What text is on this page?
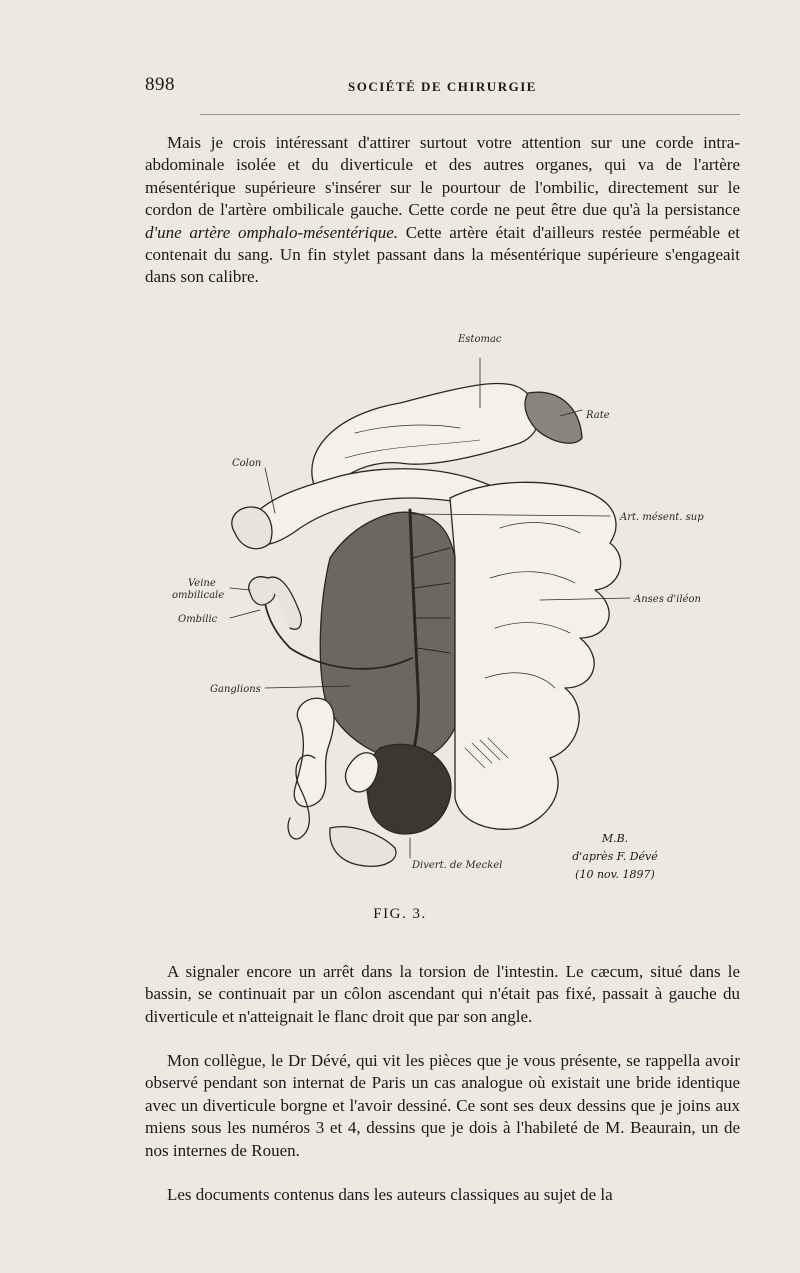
898	SOCIÉTÉ DE CHIRURGIE

Mais je crois intéressant d'attirer surtout votre attention sur une corde intra-abdominale isolée et du diverticule et des autres organes, qui va de l'artère mésentérique supérieure s'insérer sur le pourtour de l'ombilic, directement sur le cordon de l'artère ombilicale gauche. Cette corde ne peut être due qu'à la persistance d'une artère omphalo-mésentérique. Cette artère était d'ailleurs restée perméable et contenait du sang. Un fin stylet passant dans la mésentérique supérieure s'engageait dans son calibre.

Estomac
Rate
Colon
Art. mésent. sup
Veine
ombilicale
Ombilic
Anses d'iléon
Ganglions
Divert. de Meckel
M.B.
d'après F. Dévé
(10 nov. 1897)
FIG. 3.

A signaler encore un arrêt dans la torsion de l'intestin. Le cæcum, situé dans le bassin, se continuait par un côlon ascendant qui n'était pas fixé, passait à gauche du diverticule et n'atteignait le flanc droit que par son angle.

Mon collègue, le Dr Dévé, qui vit les pièces que je vous présente, se rappella avoir observé pendant son internat de Paris un cas analogue où existait une bride identique avec un diverticule borgne et l'avoir dessiné. Ce sont ses deux dessins que je joins aux miens sous les numéros 3 et 4, dessins que je dois à l'habileté de M. Beaurain, un de nos internes de Rouen.

Les documents contenus dans les auteurs classiques au sujet de la
